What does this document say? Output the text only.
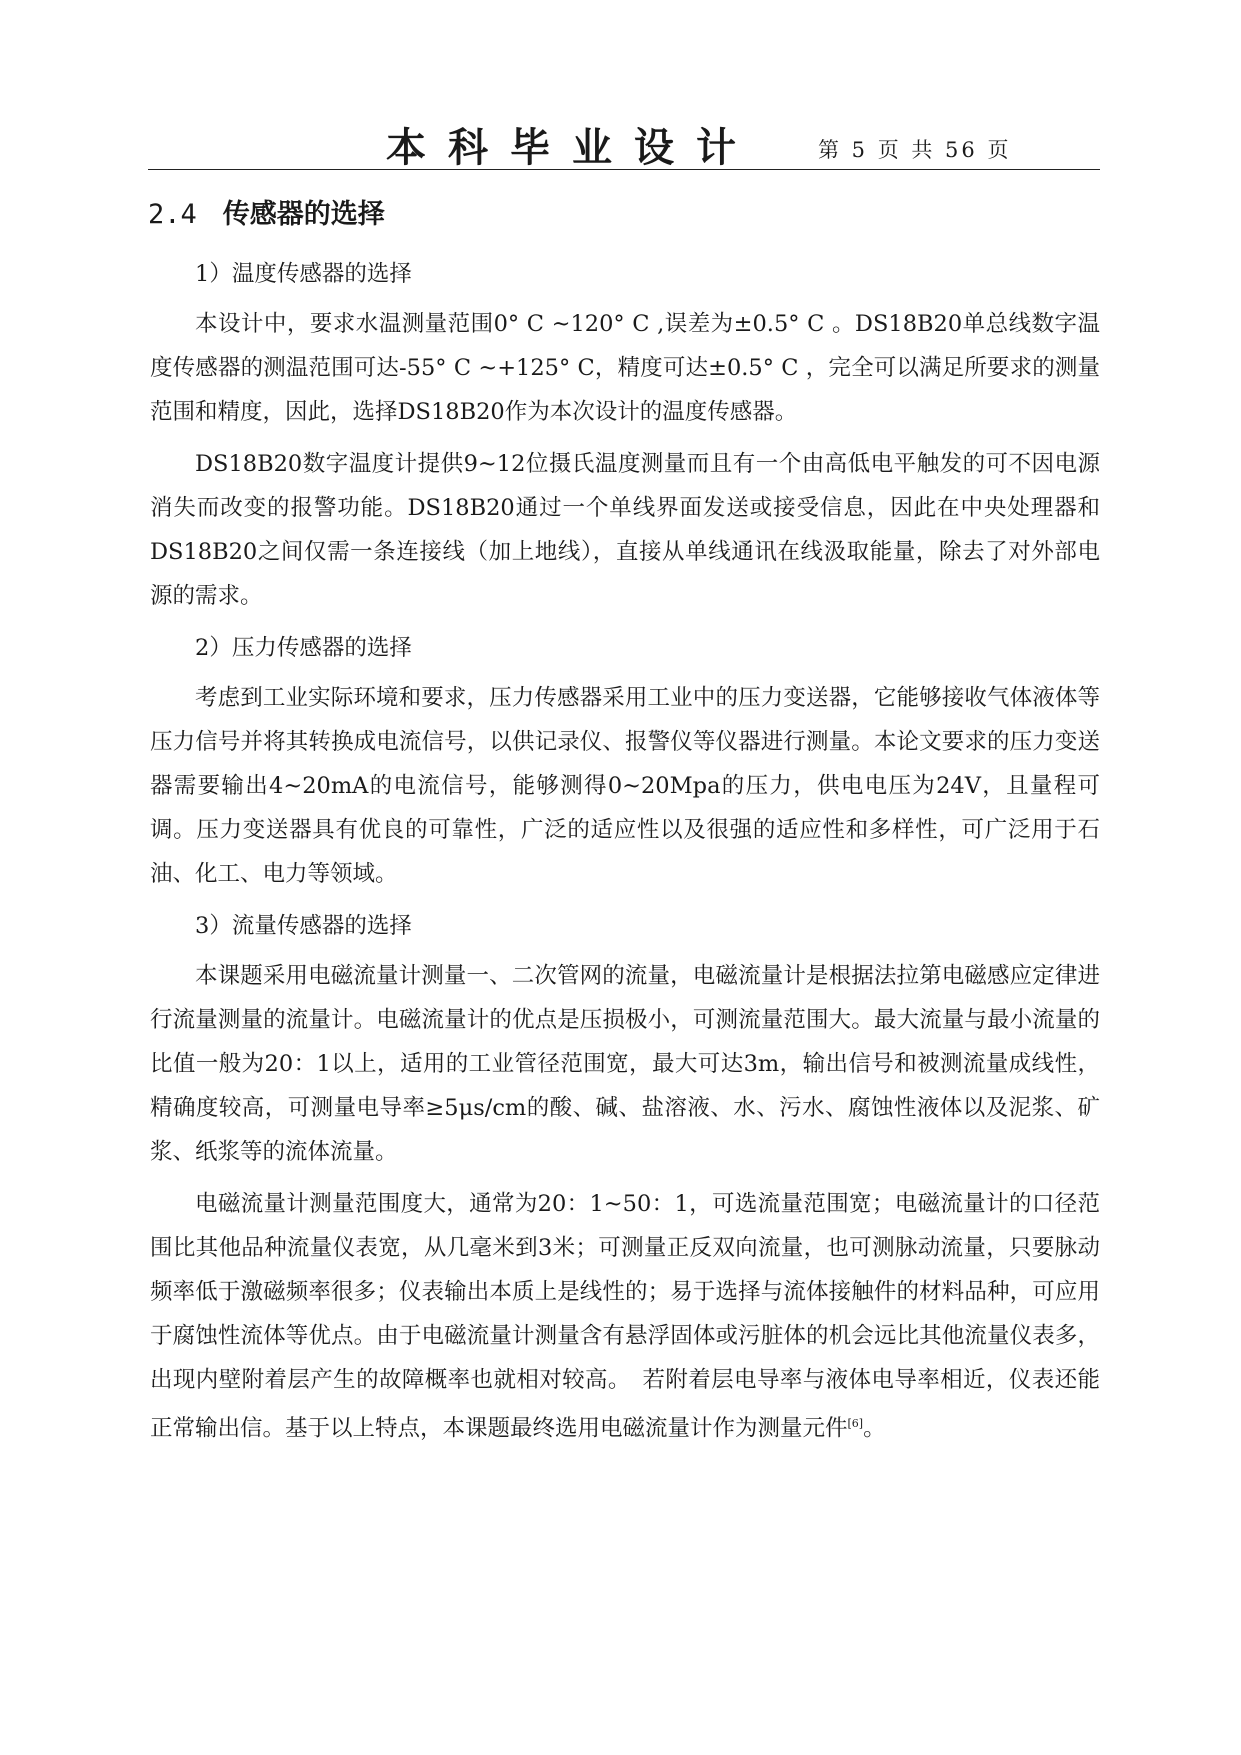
本科毕业设计	第 5 页 共 56 页
2.4 传感器的选择

1）温度传感器的选择

本设计中，要求水温测量范围0° C ~120° C ,误差为±0.5° C 。DS18B20单总线数字温度传感器的测温范围可达-55° C ~+125° C，精度可达±0.5° C ，完全可以满足所要求的测量范围和精度，因此，选择DS18B20作为本次设计的温度传感器。

DS18B20数字温度计提供9~12位摄氏温度测量而且有一个由高低电平触发的可不因电源消失而改变的报警功能。DS18B20通过一个单线界面发送或接受信息，因此在中央处理器和DS18B20之间仅需一条连接线（加上地线），直接从单线通讯在线汲取能量，除去了对外部电源的需求。

2）压力传感器的选择

考虑到工业实际环境和要求，压力传感器采用工业中的压力变送器，它能够接收气体液体等压力信号并将其转换成电流信号，以供记录仪、报警仪等仪器进行测量。本论文要求的压力变送器需要输出4~20mA的电流信号，能够测得0~20Mpa的压力，供电电压为24V，且量程可调。压力变送器具有优良的可靠性，广泛的适应性以及很强的适应性和多样性，可广泛用于石油、化工、电力等领域。

3）流量传感器的选择

本课题采用电磁流量计测量一、二次管网的流量，电磁流量计是根据法拉第电磁感应定律进行流量测量的流量计。电磁流量计的优点是压损极小，可测流量范围大。最大流量与最小流量的比值一般为20：1以上，适用的工业管径范围宽，最大可达3m，输出信号和被测流量成线性，精确度较高，可测量电导率≥5μs/cm的酸、碱、盐溶液、水、污水、腐蚀性液体以及泥浆、矿浆、纸浆等的流体流量。

电磁流量计测量范围度大，通常为20：1~50：1，可选流量范围宽；电磁流量计的口径范围比其他品种流量仪表宽，从几毫米到3米；可测量正反双向流量，也可测脉动流量，只要脉动频率低于激磁频率很多；仪表输出本质上是线性的；易于选择与流体接触件的材料品种，可应用于腐蚀性流体等优点。由于电磁流量计测量含有悬浮固体或污脏体的机会远比其他流量仪表多，出现内壁附着层产生的故障概率也就相对较高。　若附着层电导率与液体电导率相近，仪表还能正常输出信。基于以上特点，本课题最终选用电磁流量计作为测量元件[6]。
